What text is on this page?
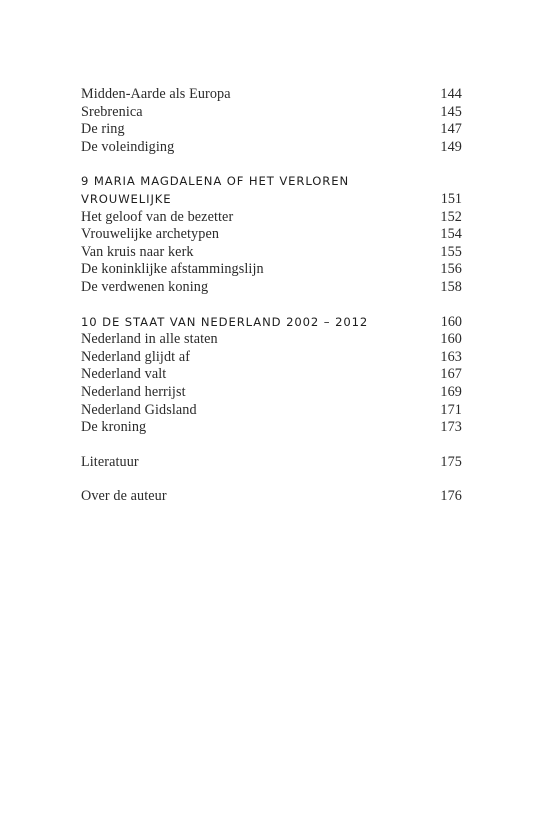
Midden-Aarde als Europa	144
Srebrenica	145
De ring	147
De voleindiging	149
9 MARIA MAGDALENA OF HET VERLOREN
VROUWELIJKE	151
Het geloof van de bezetter	152
Vrouwelijke archetypen	154
Van kruis naar kerk	155
De koninklijke afstammingslijn	156
De verdwenen koning	158
10 DE STAAT VAN NEDERLAND 2002 – 2012	160
Nederland in alle staten	160
Nederland glijdt af	163
Nederland valt	167
Nederland herrijst	169
Nederland Gidsland	171
De kroning	173
Literatuur	175
Over de auteur	176
